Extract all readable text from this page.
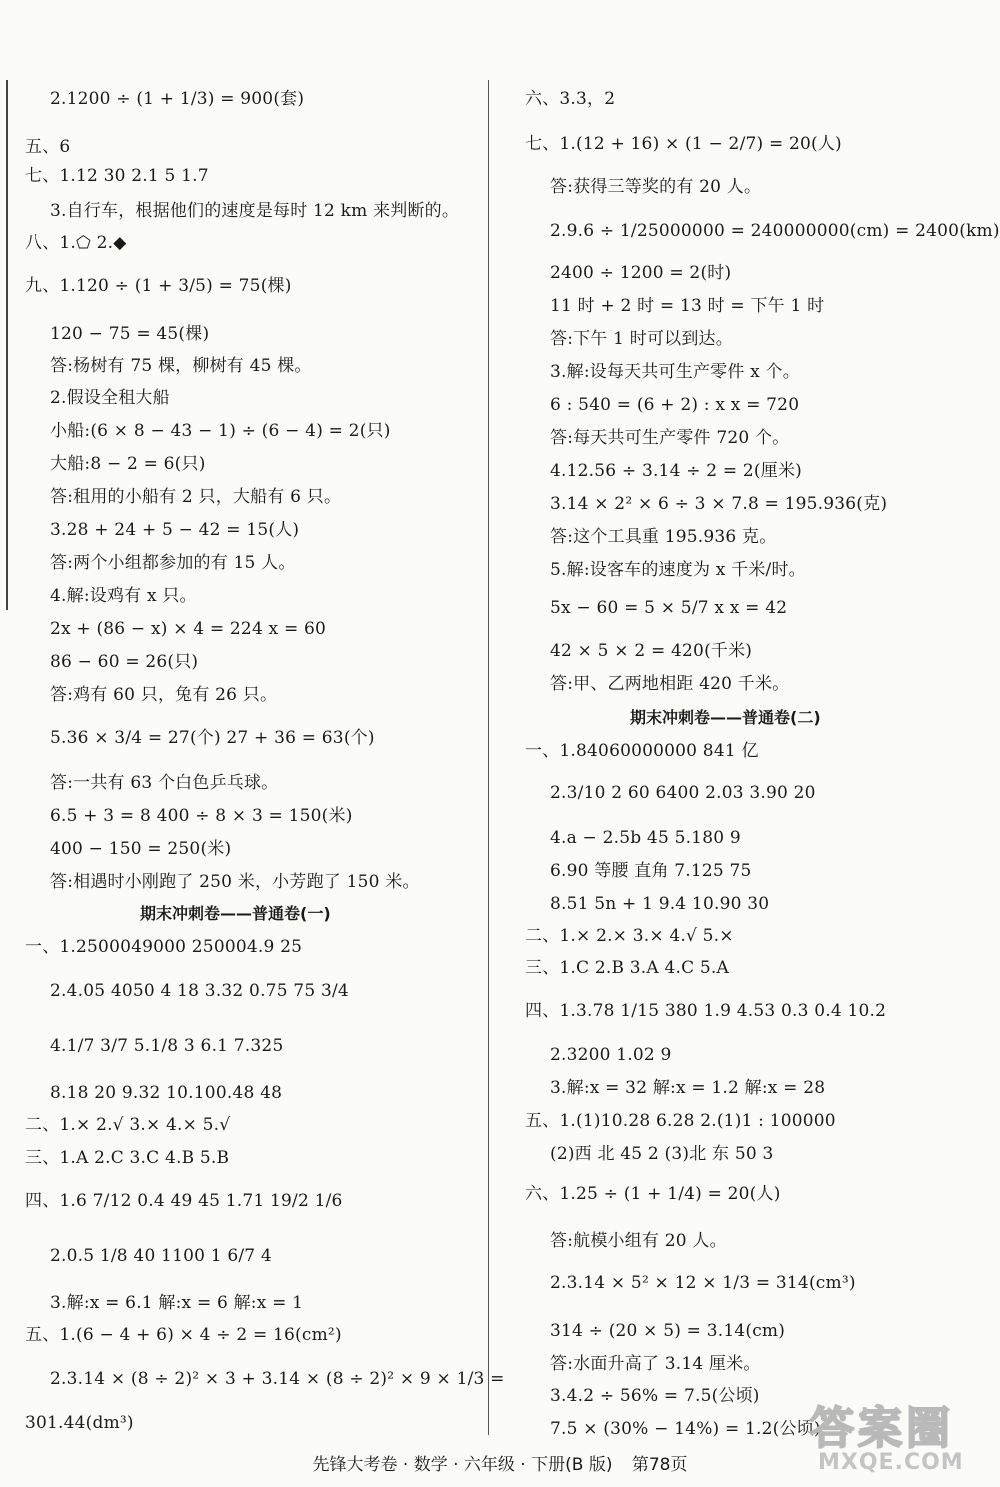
期末冲刺卷——普通卷(一)
2.1200 ÷ (1 + 1/3) = 900(套)
五、6
七、1.12 30 2.1 5 1.7
3.自行车，根据他们的速度是每时 12 km 来判断的。
八、1.⬠ 2.◆
九、1.120 ÷ (1 + 3/5) = 75(棵)
120 − 75 = 45(棵)
答:杨树有 75 棵，柳树有 45 棵。
2.假设全租大船
小船:(6 × 8 − 43 − 1) ÷ (6 − 4) = 2(只)
大船:8 − 2 = 6(只)
答:租用的小船有 2 只，大船有 6 只。
3.28 + 24 + 5 − 42 = 15(人)
答:两个小组都参加的有 15 人。
4.解:设鸡有 x 只。
2x + (86 − x) × 4 = 224 x = 60
86 − 60 = 26(只)
答:鸡有 60 只，兔有 26 只。
5.36 × 3/4 = 27(个) 27 + 36 = 63(个)
答:一共有 63 个白色乒乓球。
6.5 + 3 = 8 400 ÷ 8 × 3 = 150(米)
400 − 150 = 250(米)
答:相遇时小刚跑了 250 米，小芳跑了 150 米。
一、1.2500049000 250004.9 25
2.4.05 4050 4 18 3.32 0.75 75 3/4
4.1/7 3/7 5.1/8 3 6.1 7.325
8.18 20 9.32 10.100.48 48
二、1.× 2.√ 3.× 4.× 5.√
三、1.A 2.C 3.C 4.B 5.B
四、1.6 7/12 0.4 49 45 1.71 19/2 1/6
2.0.5 1/8 40 1100 1 6/7 4
3.解:x = 6.1 解:x = 6 解:x = 1
五、1.(6 − 4 + 6) × 4 ÷ 2 = 16(cm²)
2.3.14 × (8 ÷ 2)² × 3 + 3.14 × (8 ÷ 2)² × 9 × 1/3 =
301.44(dm³)
期末冲刺卷——普通卷(二)
六、3.3，2
七、1.(12 + 16) × (1 − 2/7) = 20(人)
答:获得三等奖的有 20 人。
2.9.6 ÷ 1/25000000 = 240000000(cm) = 2400(km)
2400 ÷ 1200 = 2(时)
11 时 + 2 时 = 13 时 = 下午 1 时
答:下午 1 时可以到达。
3.解:设每天共可生产零件 x 个。
6 : 540 = (6 + 2) : x x = 720
答:每天共可生产零件 720 个。
4.12.56 ÷ 3.14 ÷ 2 = 2(厘米)
3.14 × 2² × 6 ÷ 3 × 7.8 = 195.936(克)
答:这个工具重 195.936 克。
5.解:设客车的速度为 x 千米/时。
5x − 60 = 5 × 5/7 x x = 42
42 × 5 × 2 = 420(千米)
答:甲、乙两地相距 420 千米。
一、1.84060000000 841 亿
2.3/10 2 60 6400 2.03 3.90 20
4.a − 2.5b 45 5.180 9
6.90 等腰 直角 7.125 75
8.51 5n + 1 9.4 10.90 30
二、1.× 2.× 3.× 4.√ 5.×
三、1.C 2.B 3.A 4.C 5.A
四、1.3.78 1/15 380 1.9 4.53 0.3 0.4 10.2
2.3200 1.02 9
3.解:x = 32 解:x = 1.2 解:x = 28
五、1.(1)10.28 6.28 2.(1)1 : 100000
(2)西 北 45 2 (3)北 东 50 3
六、1.25 ÷ (1 + 1/4) = 20(人)
答:航模小组有 20 人。
2.3.14 × 5² × 12 × 1/3 = 314(cm³)
314 ÷ (20 × 5) = 3.14(cm)
答:水面升高了 3.14 厘米。
3.4.2 ÷ 56% = 7.5(公顷)
7.5 × (30% − 14%) = 1.2(公顷)
先锋大考卷 · 数学 · 六年级 · 下册(B 版) 第78页
答案圈
MXQE.COM
